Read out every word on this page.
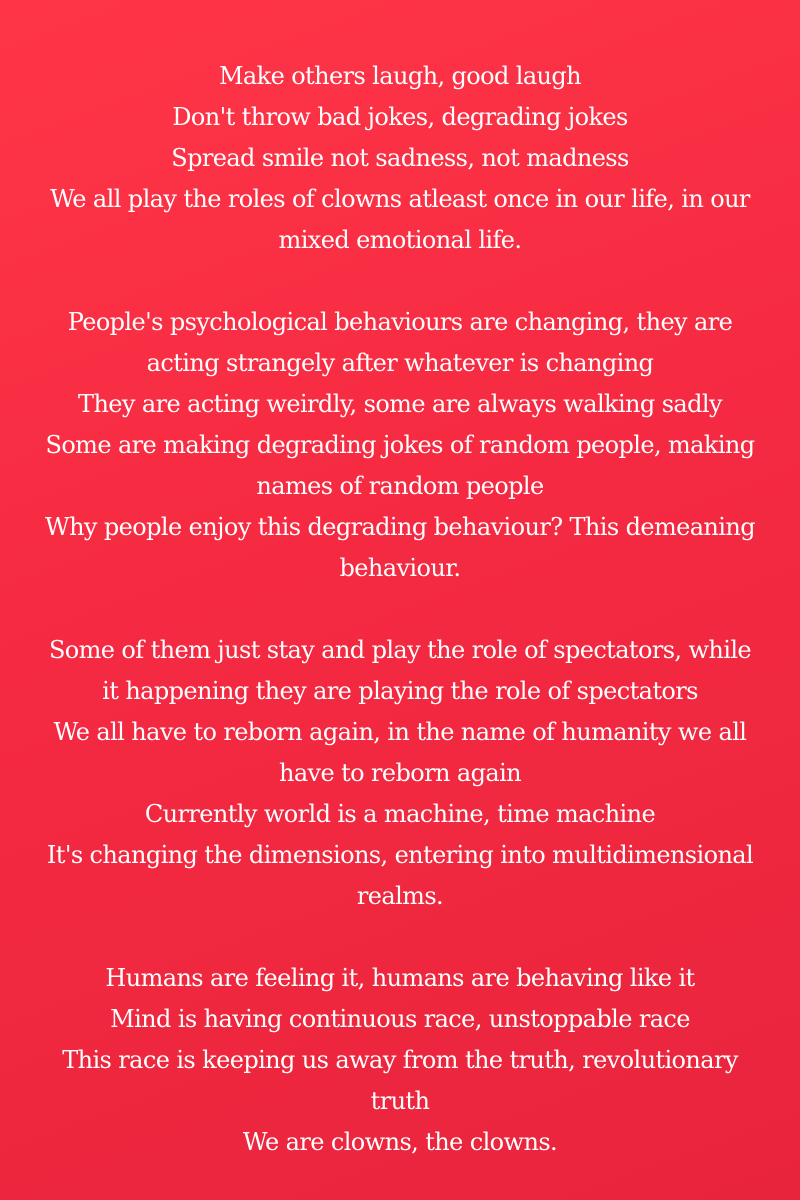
Make others laugh, good laugh
Don't throw bad jokes, degrading jokes
Spread smile not sadness, not madness
We all play the roles of clowns atleast once in our life, in our mixed emotional life.
People's psychological behaviours are changing, they are acting strangely after whatever is changing
They are acting weirdly, some are always walking sadly
Some are making degrading jokes of random people, making names of random people
Why people enjoy this degrading behaviour? This demeaning behaviour.
Some of them just stay and play the role of spectators, while it happening they are playing the role of spectators
We all have to reborn again, in the name of humanity we all have to reborn again
Currently world is a machine, time machine
It's changing the dimensions, entering into multidimensional realms.
Humans are feeling it, humans are behaving like it
Mind is having continuous race, unstoppable race
This race is keeping us away from the truth, revolutionary truth
We are clowns, the clowns.
